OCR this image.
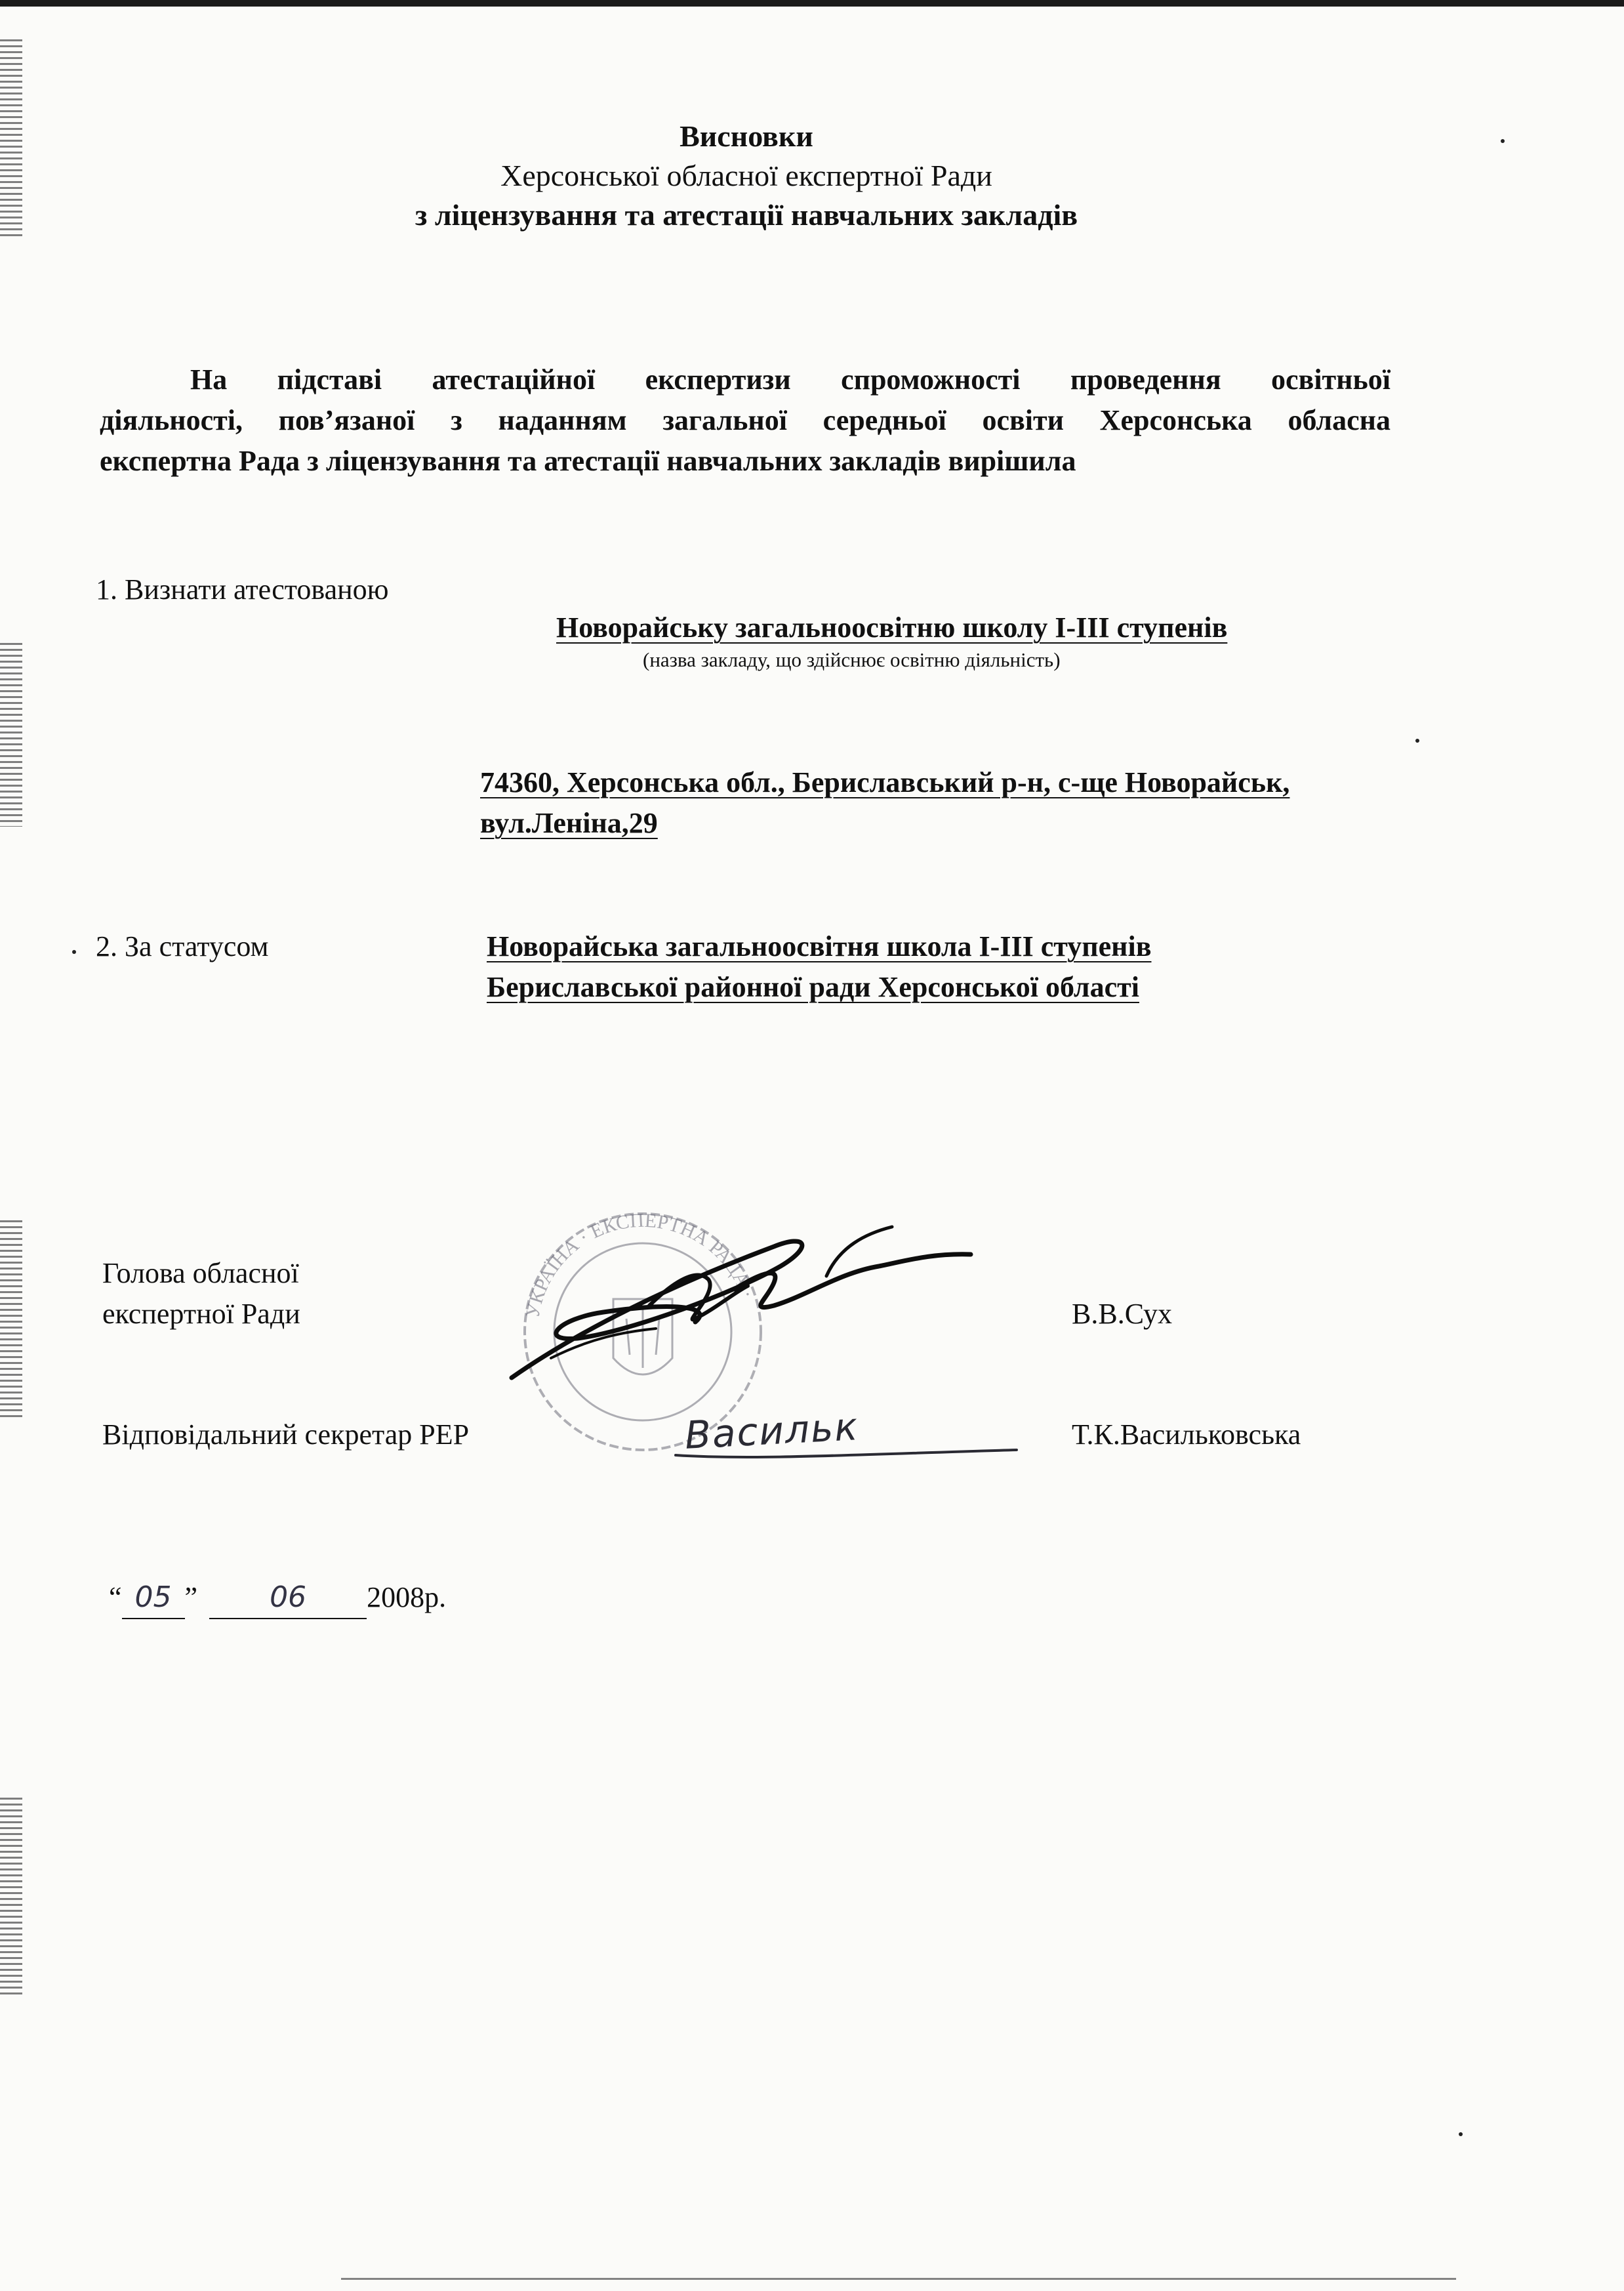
Висновки
Херсонської обласної експертної Ради
з ліцензування та атестації навчальних закладів
На підставі атестаційної експертизи спроможності проведення освітньої
діяльності, пов’язаної з наданням загальної середньої освіти Херсонська обласна
експертна Рада з ліцензування та атестації навчальних закладів вирішила
1. Визнати атестованою
Новорайську загальноосвітню школу І-ІІІ ступенів
(назва закладу, що здійснює освітню діяльність)
74360, Херсонська обл., Бериславський р-н, с-ще Новорайськ,
вул.Леніна,29
2. За статусом	Новорайська загальноосвітня школа І-ІІІ ступенів
Бериславської районної ради Херсонської області
УКРАЇНА · ЕКСПЕРТНА РАДА ·
Голова обласної
експертної Ради	В.В.Сух
Відповідальний секретар РЕР	Васильк	Т.К.Васильковська
“ 05 ”	06 2008р.
